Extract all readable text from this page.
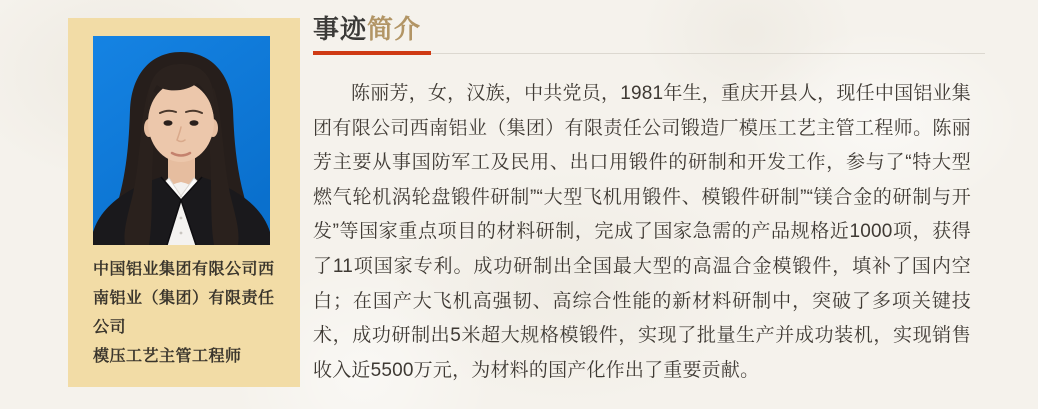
中国铝业集团有限公司西南铝业（集团）有限责任公司
模压工艺主管工程师
事迹简介

陈丽芳，女，汉族，中共党员，1981年生，重庆开县人，现任中国铝业集团有限公司西南铝业（集团）有限责任公司锻造厂模压工艺主管工程师。陈丽芳主要从事国防军工及民用、出口用锻件的研制和开发工作，参与了“特大型燃气轮机涡轮盘锻件研制”“大型飞机用锻件、模锻件研制”“镁合金的研制与开发”等国家重点项目的材料研制，完成了国家急需的产品规格近1000项，获得了11项国家专利。成功研制出全国最大型的高温合金模锻件，填补了国内空白；在国产大飞机高强韧、高综合性能的新材料研制中，突破了多项关键技术，成功研制出5米超大规格模锻件，实现了批量生产并成功装机，实现销售收入近5500万元，为材料的国产化作出了重要贡献。
